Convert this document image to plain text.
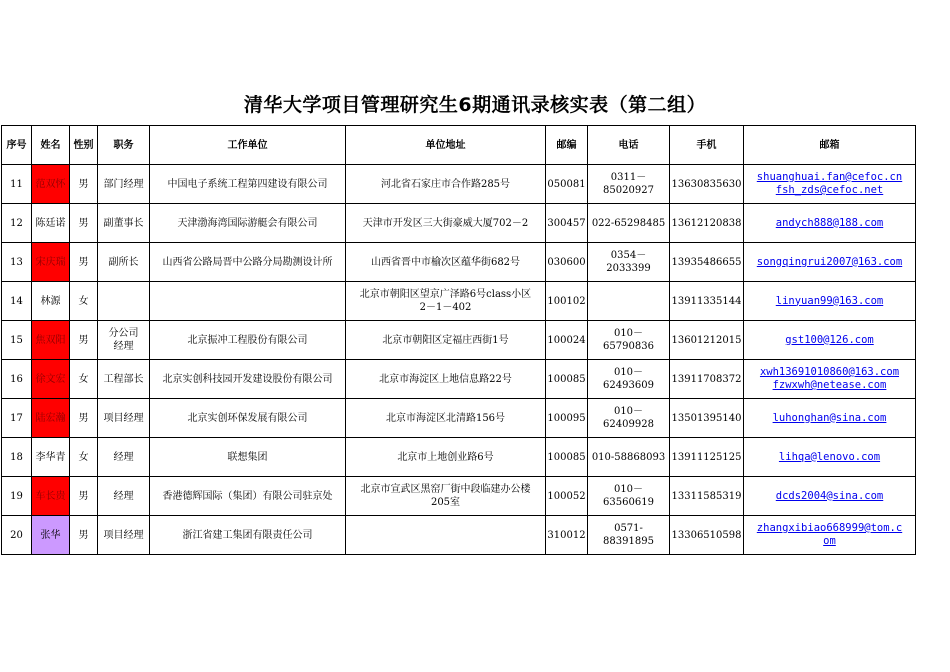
清华大学项目管理研究生6期通讯录核实表（第二组）
序号	姓名	性别	职务	工作单位	单位地址	邮编	电话	手机	邮箱
11	范双怀	男	部门经理	中国电子系统工程第四建设有限公司	河北省石家庄市合作路285号	050081	0311－
85020927	13630835630	shuanghuai.fan@cefoc.cn
fsh_zds@cefoc.net
12	陈廷诺	男	副董事长	天津渤海湾国际游艇会有限公司	天津市开发区三大街豪威大厦702－2	300457	022-65298485	13612120838	andych888@188.com
13	宋庆瑞	男	副所长	山西省公路局晋中公路分局勘测设计所	山西省晋中市榆次区蕴华街682号	030600	0354－2033399	13935486655	songqingrui2007@163.com
14	林源	女			北京市朝阳区望京广泽路6号class小区
2－1－402	100102		13911335144	linyuan99@163.com
15	焦双阳	男	分公司
经理	北京振冲工程股份有限公司	北京市朝阳区定福庄西街1号	100024	010－65790836	13601212015	gst100@126.com
16	徐文宏	女	工程部长	北京实创科技园开发建设股份有限公司	北京市海淀区上地信息路22号	100085	010－62493609	13911708372	xwh13691010860@163.com
fzwxwh@netease.com
17	陆宏瀚	男	项目经理	北京实创环保发展有限公司	北京市海淀区北清路156号	100095	010－62409928	13501395140	luhonghan@sina.com
18	李华青	女	经理	联想集团	北京市上地创业路6号	100085	010-58868093	13911125125	lihqa@lenovo.com
19	车长贵	男	经理	香港德辉国际（集团）有限公司驻京处	北京市宣武区黑窑厂街中段临建办公楼
205室	100052	010－63560619	13311585319	dcds2004@sina.com
20	张华	男	项目经理	浙江省建工集团有限责任公司		310012	0571-88391895	13306510598	zhangxibiao668999@tom.c
om
